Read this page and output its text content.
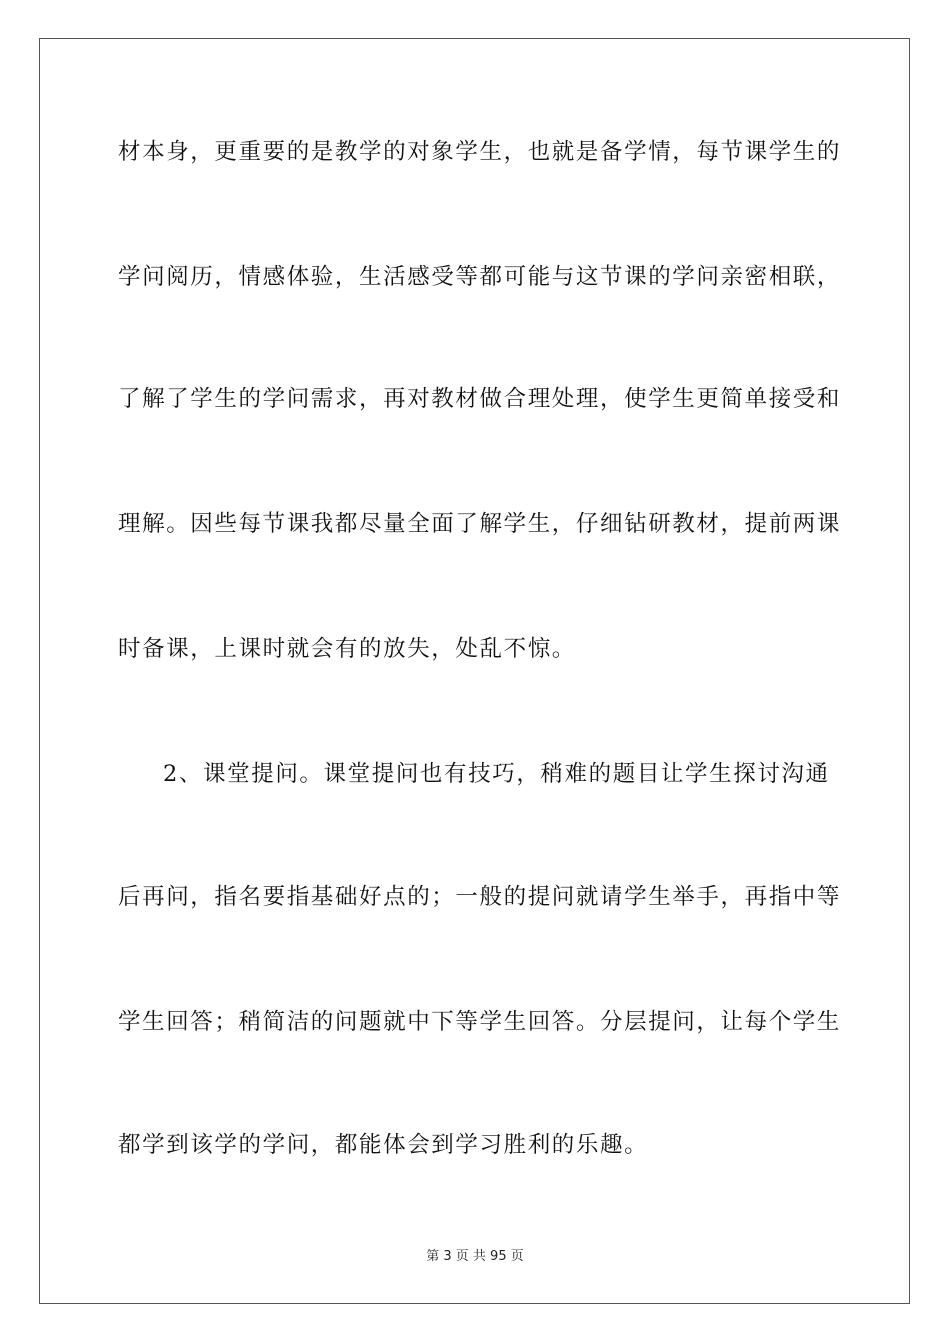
材本身，更重要的是教学的对象学生，也就是备学情，每节课学生的
学问阅历，情感体验，生活感受等都可能与这节课的学问亲密相联，
了解了学生的学问需求，再对教材做合理处理，使学生更简单接受和
理解。因些每节课我都尽量全面了解学生，仔细钻研教材，提前两课
时备课，上课时就会有的放失，处乱不惊。
2、课堂提问。课堂提问也有技巧，稍难的题目让学生探讨沟通
后再问，指名要指基础好点的；一般的提问就请学生举手，再指中等
学生回答；稍简洁的问题就中下等学生回答。分层提问，让每个学生
都学到该学的学问，都能体会到学习胜利的乐趣。
第 3 页 共 95 页
